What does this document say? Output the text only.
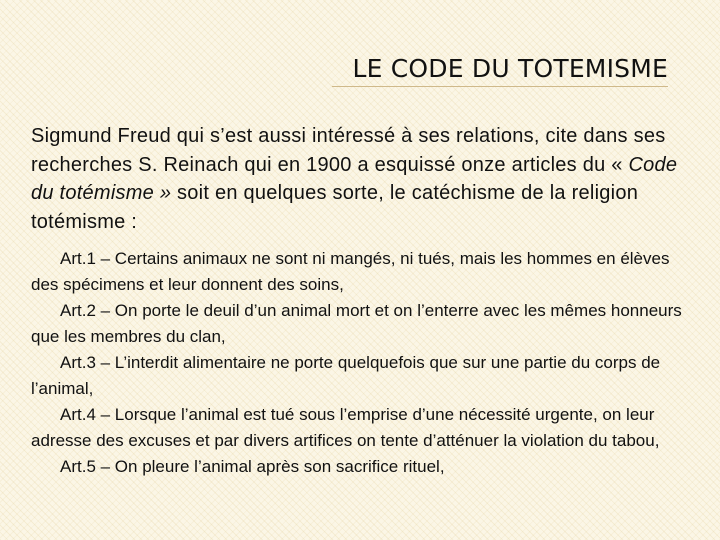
LE CODE DU TOTEMISME

Sigmund Freud qui s’est aussi intéressé à ses relations, cite dans ses recherches S. Reinach qui en 1900 a esquissé onze articles du « Code du totémisme » soit en quelques sorte, le catéchisme de la religion totémisme :

Art.1 – Certains animaux ne sont ni mangés, ni tués, mais les hommes en élèves des spécimens et leur donnent des soins,

Art.2 – On porte le deuil d’un animal mort et on l’enterre avec les mêmes honneurs que les membres du clan,

Art.3 – L’interdit alimentaire ne porte quelquefois que sur une partie du corps de l’animal,

Art.4 – Lorsque l’animal est tué sous l’emprise d’une nécessité urgente, on leur adresse des excuses et par divers artifices on tente d’atténuer la violation du tabou,

Art.5 – On pleure l’animal après son sacrifice rituel,
